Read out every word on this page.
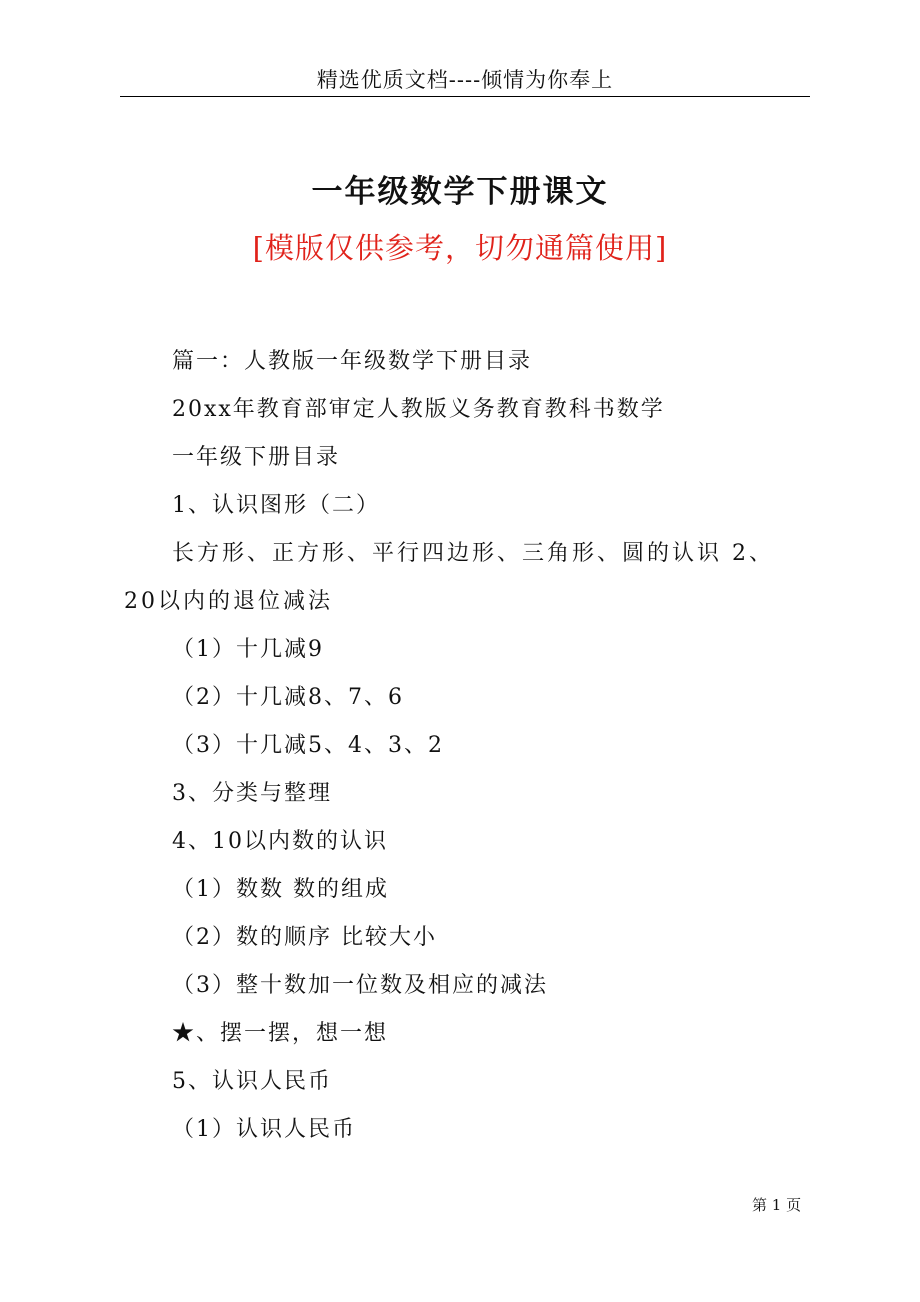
精选优质文档----倾情为你奉上
一年级数学下册课文
[模版仅供参考，切勿通篇使用]
篇一：人教版一年级数学下册目录
20xx年教育部审定人教版义务教育教科书数学
一年级下册目录
1、认识图形（二）
长方形、正方形、平行四边形、三角形、圆的认识 2、20以内的退位减法
（1）十几减9
（2）十几减8、7、6
（3）十几减5、4、3、2
3、分类与整理
4、10以内数的认识
（1）数数 数的组成
（2）数的顺序 比较大小
（3）整十数加一位数及相应的减法
★、摆一摆，想一想
5、认识人民币
（1）认识人民币
第 1 页
